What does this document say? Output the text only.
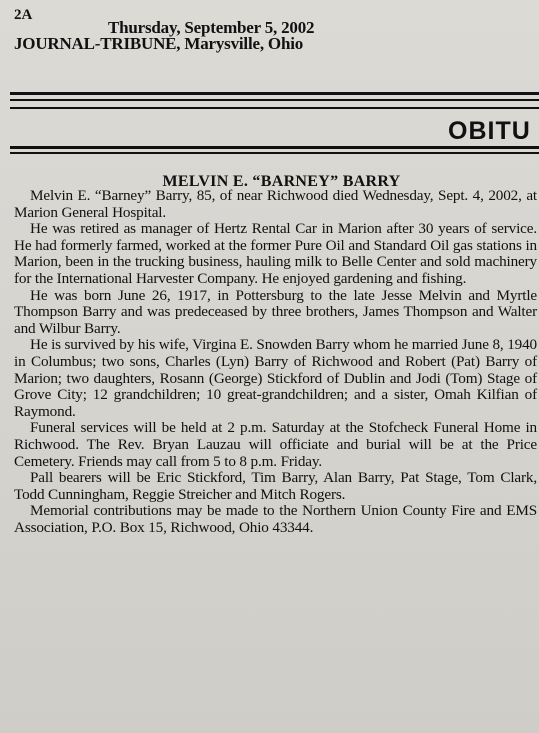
2A
Thursday, September 5, 2002
JOURNAL-TRIBUNE, Marysville, Ohio
OBITU
MELVIN E. “BARNEY” BARRY

Melvin E. “Barney” Barry, 85, of near Richwood died Wednesday, Sept. 4, 2002, at Marion General Hospital.

He was retired as manager of Hertz Rental Car in Marion after 30 years of service. He had formerly farmed, worked at the former Pure Oil and Standard Oil gas stations in Marion, been in the trucking business, hauling milk to Belle Center and sold machinery for the International Harvester Company. He enjoyed gardening and fishing.

He was born June 26, 1917, in Pottersburg to the late Jesse Melvin and Myrtle Thompson Barry and was predeceased by three brothers, James Thompson and Walter and Wilbur Barry.

He is survived by his wife, Virgina E. Snowden Barry whom he married June 8, 1940 in Columbus; two sons, Charles (Lyn) Barry of Richwood and Robert (Pat) Barry of Marion; two daughters, Rosann (George) Stickford of Dublin and Jodi (Tom) Stage of Grove City; 12 grandchildren; 10 great-grandchildren; and a sister, Omah Kilfian of Raymond.

Funeral services will be held at 2 p.m. Saturday at the Stofcheck Funeral Home in Richwood. The Rev. Bryan Lauzau will officiate and burial will be at the Price Cemetery. Friends may call from 5 to 8 p.m. Friday.

Pall bearers will be Eric Stickford, Tim Barry, Alan Barry, Pat Stage, Tom Clark, Todd Cunningham, Reggie Streicher and Mitch Rogers.

Memorial contributions may be made to the Northern Union County Fire and EMS Association, P.O. Box 15, Richwood, Ohio 43344.
